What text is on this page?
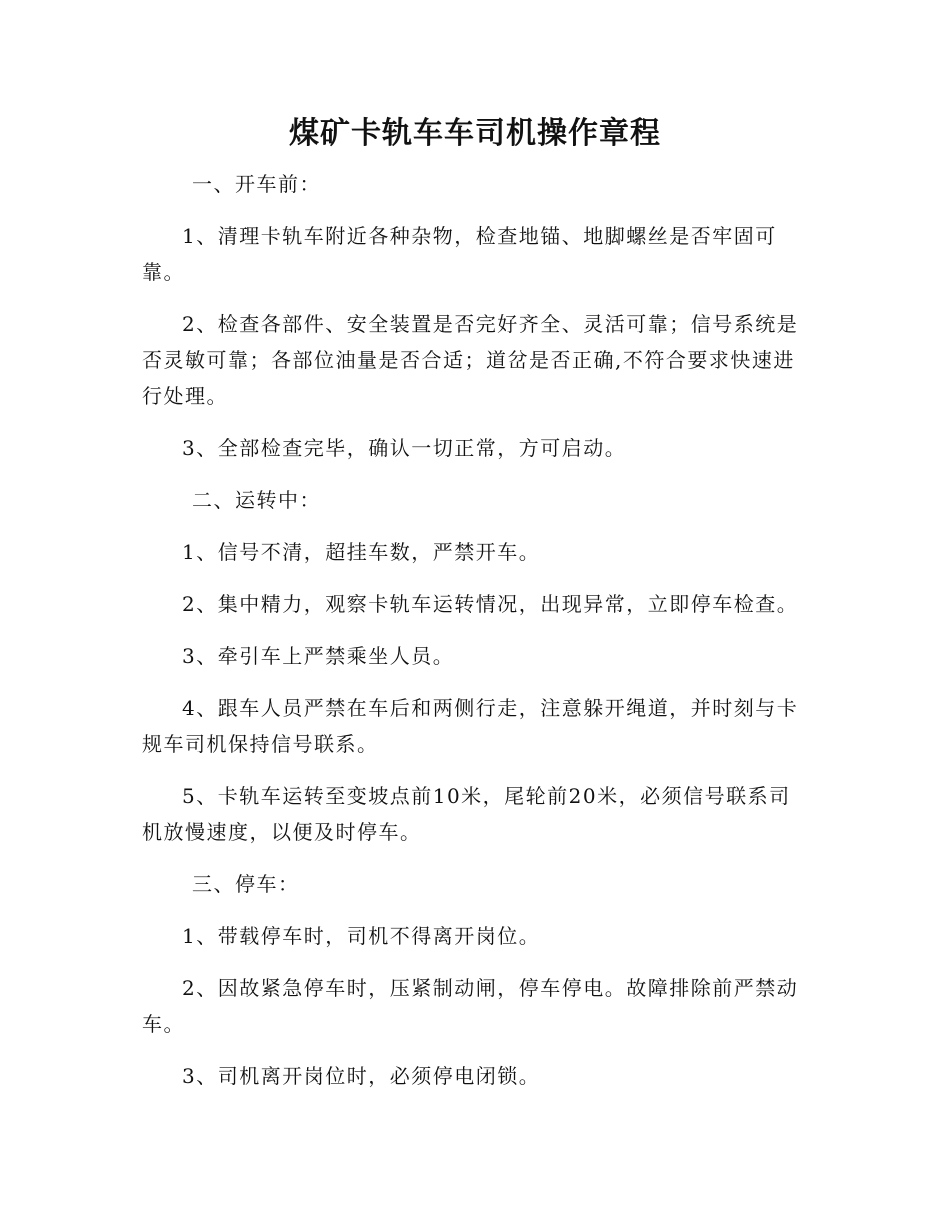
煤矿卡轨车车司机操作章程

一、开车前：

1、清理卡轨车附近各种杂物，检查地锚、地脚螺丝是否牢固可靠。

2、检查各部件、安全装置是否完好齐全、灵活可靠；信号系统是否灵敏可靠；各部位油量是否合适；道岔是否正确,不符合要求快速进行处理。

3、全部检查完毕，确认一切正常，方可启动。

二、运转中：

1、信号不清，超挂车数，严禁开车。

2、集中精力，观察卡轨车运转情况，出现异常，立即停车检查。

3、牵引车上严禁乘坐人员。

4、跟车人员严禁在车后和两侧行走，注意躲开绳道，并时刻与卡规车司机保持信号联系。

5、卡轨车运转至变坡点前10米，尾轮前20米，必须信号联系司机放慢速度，以便及时停车。

三、停车：

1、带载停车时，司机不得离开岗位。

2、因故紧急停车时，压紧制动闸，停车停电。故障排除前严禁动车。

3、司机离开岗位时，必须停电闭锁。
